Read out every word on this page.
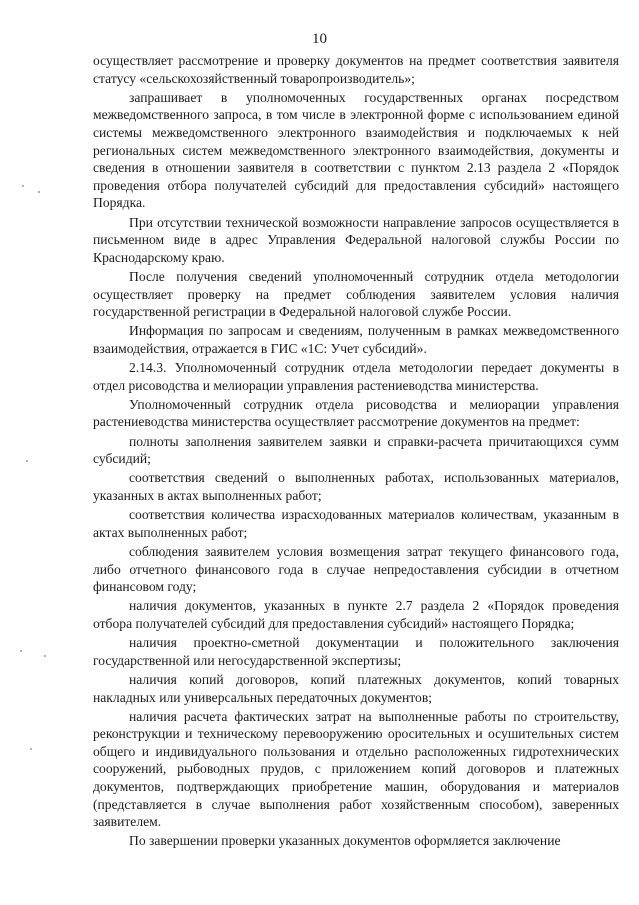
10

осуществляет рассмотрение и проверку документов на предмет соответствия заявителя статусу «сельскохозяйственный товаропроизводитель»;

запрашивает в уполномоченных государственных органах посредством межведомственного запроса, в том числе в электронной форме с использованием единой системы межведомственного электронного взаимодействия и подключаемых к ней региональных систем межведомственного электронного взаимодействия, документы и сведения в отношении заявителя в соответствии с пунктом 2.13 раздела 2 «Порядок проведения отбора получателей субсидий для предоставления субсидий» настоящего Порядка.

При отсутствии технической возможности направление запросов осуществляется в письменном виде в адрес Управления Федеральной налоговой службы России по Краснодарскому краю.

После получения сведений уполномоченный сотрудник отдела методологии осуществляет проверку на предмет соблюдения заявителем условия наличия государственной регистрации в Федеральной налоговой службе России.

Информация по запросам и сведениям, полученным в рамках межведомственного взаимодействия, отражается в ГИС «1С: Учет субсидий».

2.14.3. Уполномоченный сотрудник отдела методологии передает документы в отдел рисоводства и мелиорации управления растениеводства министерства.

Уполномоченный сотрудник отдела рисоводства и мелиорации управления растениеводства министерства осуществляет рассмотрение документов на предмет:

полноты заполнения заявителем заявки и справки-расчета причитающихся сумм субсидий;

соответствия сведений о выполненных работах, использованных материалов, указанных в актах выполненных работ;

соответствия количества израсходованных материалов количествам, указанным в актах выполненных работ;

соблюдения заявителем условия возмещения затрат текущего финансового года, либо отчетного финансового года в случае непредоставления субсидии в отчетном финансовом году;

наличия документов, указанных в пункте 2.7 раздела 2 «Порядок проведения отбора получателей субсидий для предоставления субсидий» настоящего Порядка;

наличия проектно-сметной документации и положительного заключения государственной или негосударственной экспертизы;

наличия копий договоров, копий платежных документов, копий товарных накладных или универсальных передаточных документов;

наличия расчета фактических затрат на выполненные работы по строительству, реконструкции и техническому перевооружению оросительных и осушительных систем общего и индивидуального пользования и отдельно расположенных гидротехнических сооружений, рыбоводных прудов, с приложением копий договоров и платежных документов, подтверждающих приобретение машин, оборудования и материалов (представляется в случае выполнения работ хозяйственным способом), заверенных заявителем.

По завершении проверки указанных документов оформляется заключение
